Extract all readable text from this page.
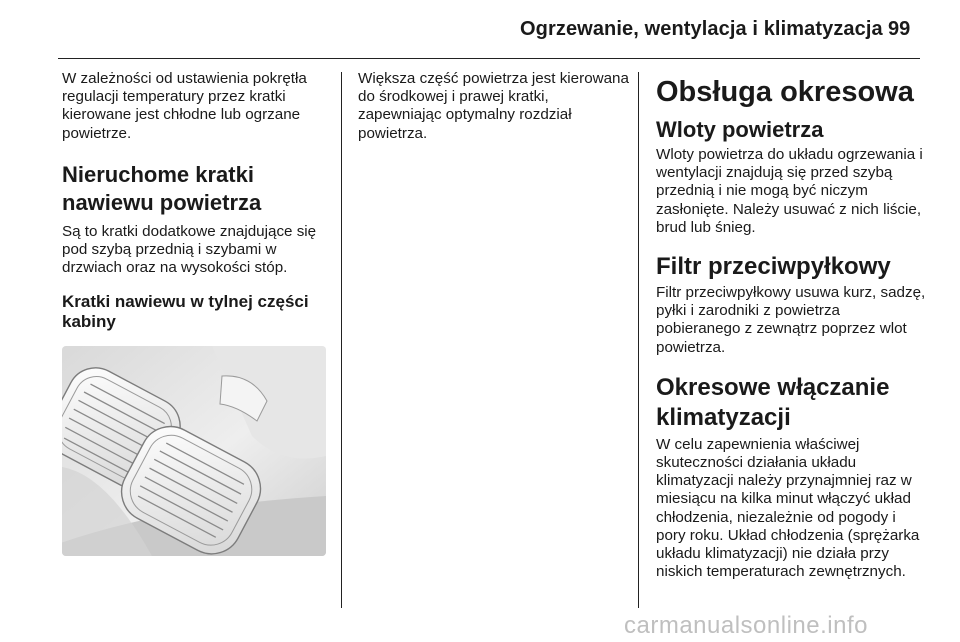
Ogrzewanie, wentylacja i klimatyzacja 99

W zależności od ustawienia pokrętła regulacji temperatury przez kratki kierowane jest chłodne lub ogrzane powietrze.

Nieruchome kratki nawiewu powietrza

Są to kratki dodatkowe znajdujące się pod szybą przednią i szybami w drzwiach oraz na wysokości stóp.

Kratki nawiewu w tylnej części kabiny

Większa część powietrza jest kierowana do środkowej i prawej kratki, zapewniając optymalny rozdział powietrza.

Obsługa okresowa
Wloty powietrza

Wloty powietrza do układu ogrzewania i wentylacji znajdują się przed szybą przednią i nie mogą być niczym zasłonięte. Należy usuwać z nich liście, brud lub śnieg.

Filtr przeciwpyłkowy

Filtr przeciwpyłkowy usuwa kurz, sadzę, pyłki i zarodniki z powietrza pobieranego z zewnątrz poprzez wlot powietrza.

Okresowe włączanie klimatyzacji

W celu zapewnienia właściwej skuteczności działania układu klimatyzacji należy przynajmniej raz w miesiącu na kilka minut włączyć układ chłodzenia, niezależnie od pogody i pory roku. Układ chłodzenia (sprężarka układu klimatyzacji) nie działa przy niskich temperaturach zewnętrznych.

carmanualsonline.info
